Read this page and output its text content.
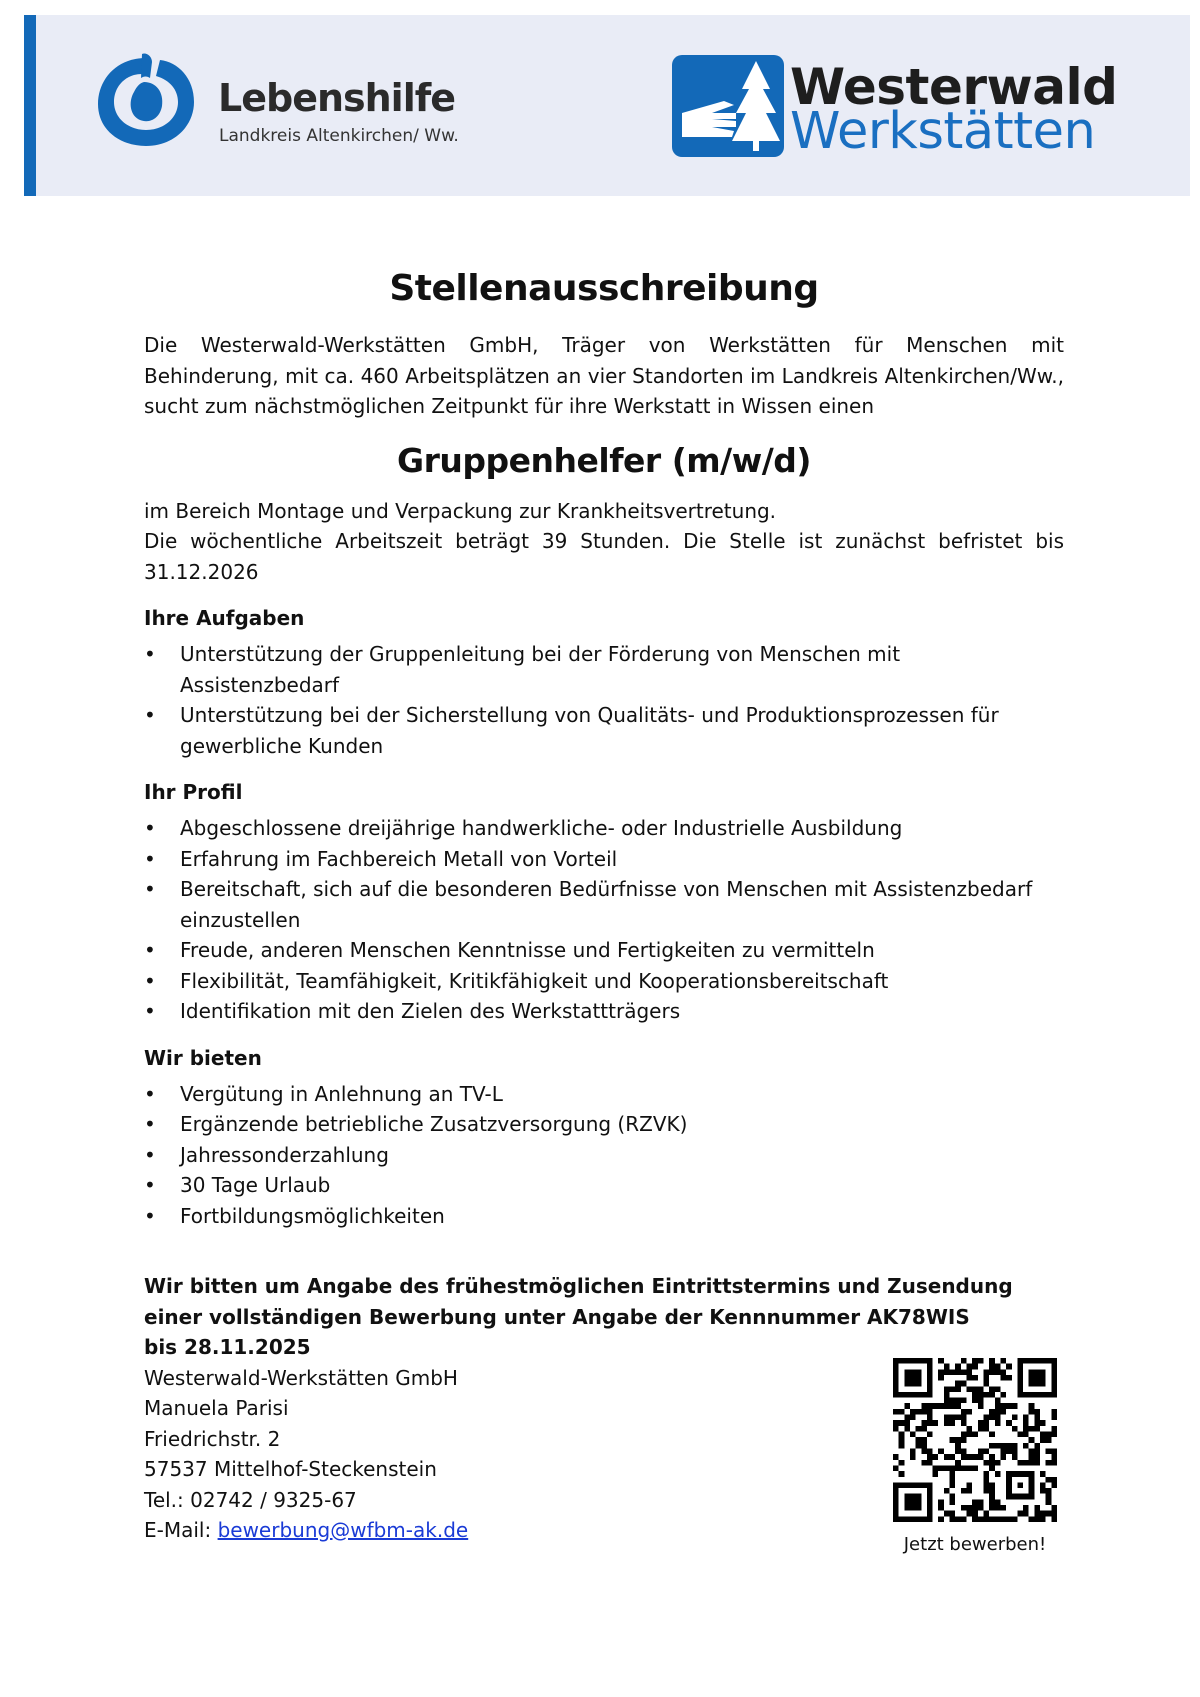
Lebenshilfe
Landkreis Altenkirchen/ Ww.
Westerwald
Werkstätten
Stellenausschreibung

Die Westerwald-Werkstätten GmbH, Träger von Werkstätten für Menschen mit Behinderung, mit ca. 460 Arbeitsplätzen an vier Standorten im Landkreis Altenkirchen/Ww., sucht zum nächstmöglichen Zeitpunkt für ihre Werkstatt in Wissen einen

Gruppenhelfer (m/w/d)

im Bereich Montage und Verpackung zur Krankheitsvertretung.

Die wöchentliche Arbeitszeit beträgt 39 Stunden. Die Stelle ist zunächst befristet bis 31.12.2026

Ihre Aufgaben
• Unterstützung der Gruppenleitung bei der Förderung von Menschen mit Assistenzbedarf
• Unterstützung bei der Sicherstellung von Qualitäts- und Produktionsprozessen für gewerbliche Kunden
Ihr Profil
• Abgeschlossene dreijährige handwerkliche- oder Industrielle Ausbildung
• Erfahrung im Fachbereich Metall von Vorteil
• Bereitschaft, sich auf die besonderen Bedürfnisse von Menschen mit Assistenzbedarf einzustellen
• Freude, anderen Menschen Kenntnisse und Fertigkeiten zu vermitteln
• Flexibilität, Teamfähigkeit, Kritikfähigkeit und Kooperationsbereitschaft
• Identifikation mit den Zielen des Werkstattträgers
Wir bieten
• Vergütung in Anlehnung an TV-L
• Ergänzende betriebliche Zusatzversorgung (RZVK)
• Jahressonderzahlung
• 30 Tage Urlaub
• Fortbildungsmöglichkeiten

Wir bitten um Angabe des frühestmöglichen Eintrittstermins und Zusendung einer vollständigen Bewerbung unter Angabe der Kennnummer AK78WIS

bis 28.11.2025

Westerwald-Werkstätten GmbH

Manuela Parisi

Friedrichstr. 2

57537 Mittelhof-Steckenstein

Tel.: 02742 / 9325-67

E-Mail: bewerbung@wfbm-ak.de

Jetzt bewerben!
